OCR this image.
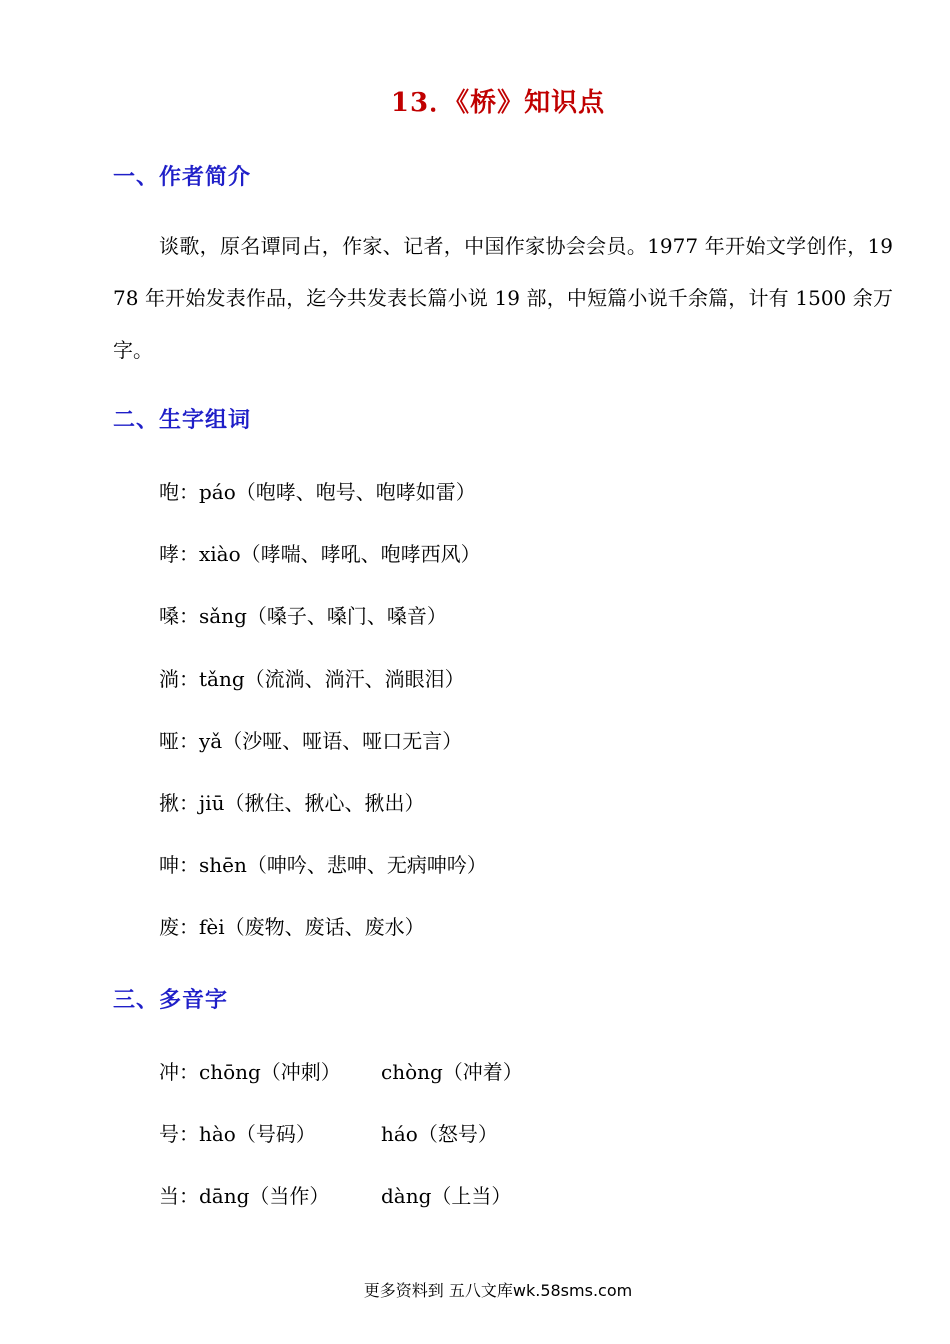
13．《桥》知识点
一、作者简介

谈歌，原名谭同占，作家、记者，中国作家协会会员。1977 年开始文学创作，1978 年开始发表作品，迄今共发表长篇小说 19 部，中短篇小说千余篇，计有 1500 余万字。

二、生字组词
咆：páo（咆哮、咆号、咆哮如雷）
哮：xiào（哮喘、哮吼、咆哮西风）
嗓：sǎng（嗓子、嗓门、嗓音）
淌：tǎng（流淌、淌汗、淌眼泪）
哑：yǎ（沙哑、哑语、哑口无言）
揪：jiū（揪住、揪心、揪出）
呻：shēn（呻吟、悲呻、无病呻吟）
废：fèi（废物、废话、废水）
三、多音字
冲：chōng（冲刺） chòng（冲着）
号：hào（号码）	háo（怒号）
当：dāng（当作）	dàng（上当）
更多资料到 五八文库wk.58sms.com
